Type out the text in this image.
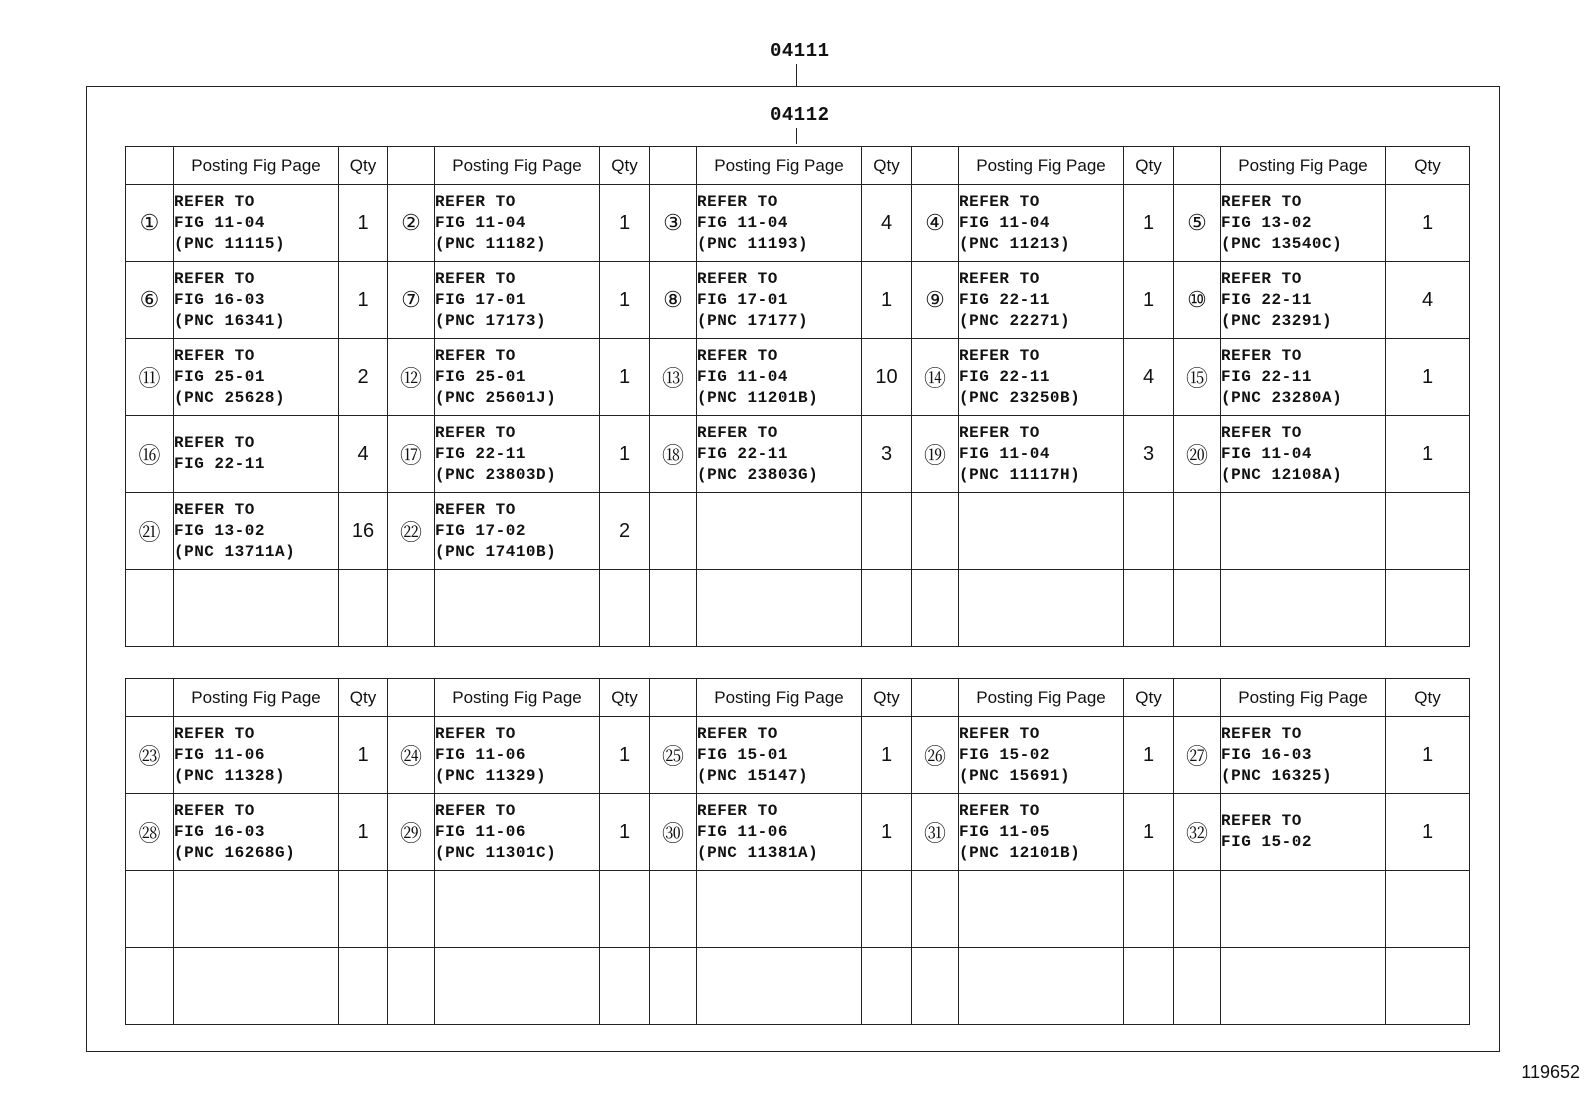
04111
04112
	Posting Fig Page	Qty		Posting Fig Page	Qty		Posting Fig Page	Qty		Posting Fig Page	Qty		Posting Fig Page	Qty
①	REFER TO
FIG 11-04
(PNC 11115)	1	②	REFER TO
FIG 11-04
(PNC 11182)	1	③	REFER TO
FIG 11-04
(PNC 11193)	4	④	REFER TO
FIG 11-04
(PNC 11213)	1	⑤	REFER TO
FIG 13-02
(PNC 13540C)	1
⑥	REFER TO
FIG 16-03
(PNC 16341)	1	⑦	REFER TO
FIG 17-01
(PNC 17173)	1	⑧	REFER TO
FIG 17-01
(PNC 17177)	1	⑨	REFER TO
FIG 22-11
(PNC 22271)	1	⑩	REFER TO
FIG 22-11
(PNC 23291)	4
⑪	REFER TO
FIG 25-01
(PNC 25628)	2	⑫	REFER TO
FIG 25-01
(PNC 25601J)	1	⑬	REFER TO
FIG 11-04
(PNC 11201B)	10	⑭	REFER TO
FIG 22-11
(PNC 23250B)	4	⑮	REFER TO
FIG 22-11
(PNC 23280A)	1
⑯	REFER TO
FIG 22-11	4	⑰	REFER TO
FIG 22-11
(PNC 23803D)	1	⑱	REFER TO
FIG 22-11
(PNC 23803G)	3	⑲	REFER TO
FIG 11-04
(PNC 11117H)	3	⑳	REFER TO
FIG 11-04
(PNC 12108A)	1
㉑	REFER TO
FIG 13-02
(PNC 13711A)	16	㉒	REFER TO
FIG 17-02
(PNC 17410B)	2									

	Posting Fig Page	Qty		Posting Fig Page	Qty		Posting Fig Page	Qty		Posting Fig Page	Qty		Posting Fig Page	Qty
㉓	REFER TO
FIG 11-06
(PNC 11328)	1	㉔	REFER TO
FIG 11-06
(PNC 11329)	1	㉕	REFER TO
FIG 15-01
(PNC 15147)	1	㉖	REFER TO
FIG 15-02
(PNC 15691)	1	㉗	REFER TO
FIG 16-03
(PNC 16325)	1
㉘	REFER TO
FIG 16-03
(PNC 16268G)	1	㉙	REFER TO
FIG 11-06
(PNC 11301C)	1	㉚	REFER TO
FIG 11-06
(PNC 11381A)	1	㉛	REFER TO
FIG 11-05
(PNC 12101B)	1	㉜	REFER TO
FIG 15-02	1

119652
